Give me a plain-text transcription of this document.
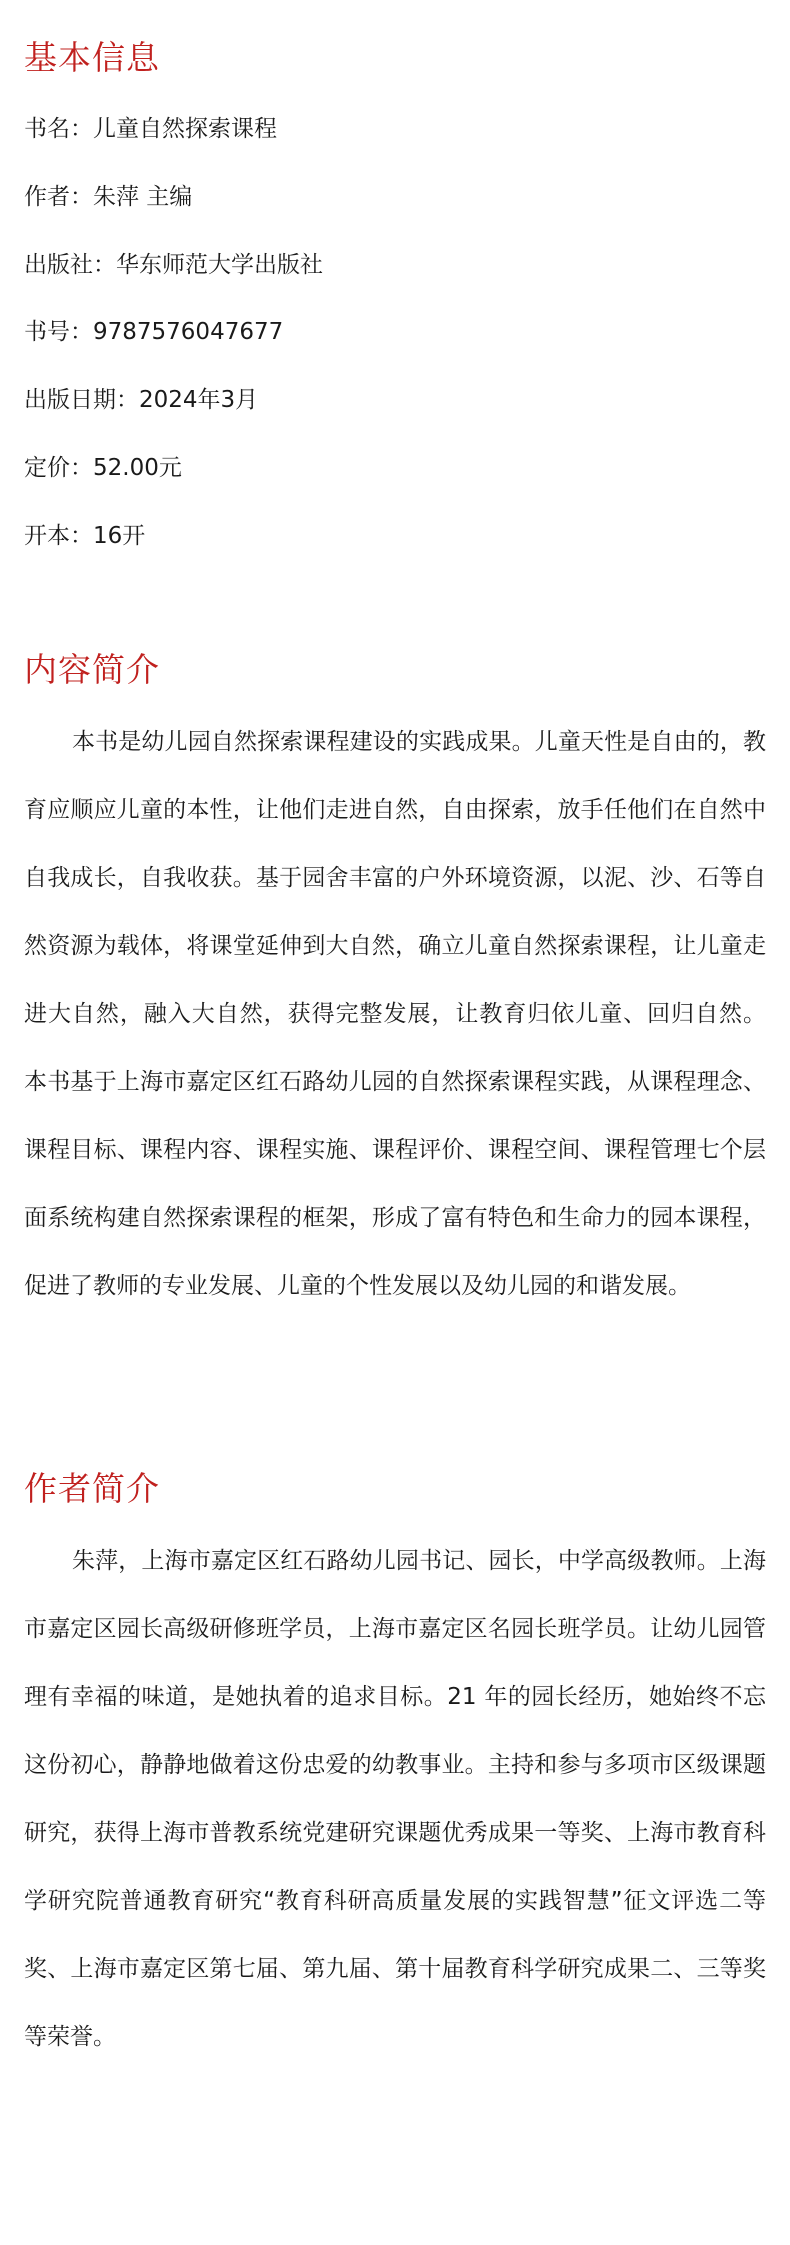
基本信息

书名：儿童自然探索课程

作者：朱萍 主编

出版社：华东师范大学出版社

书号：9787576047677

出版日期：2024年3月

定价：52.00元

开本：16开

内容简介

本书是幼儿园自然探索课程建设的实践成果。儿童天性是自由的，教育应顺应儿童的本性，让他们走进自然，自由探索，放手任他们在自然中自我成长，自我收获。基于园舍丰富的户外环境资源，以泥、沙、石等自然资源为载体，将课堂延伸到大自然，确立儿童自然探索课程，让儿童走进大自然，融入大自然，获得完整发展，让教育归依儿童、回归自然。 本书基于上海市嘉定区红石路幼儿园的自然探索课程实践，从课程理念、课程目标、课程内容、课程实施、课程评价、课程空间、课程管理七个层面系统构建自然探索课程的框架，形成了富有特色和生命力的园本课程，促进了教师的专业发展、儿童的个性发展以及幼儿园的和谐发展。

作者简介

朱萍，上海市嘉定区红石路幼儿园书记、园长，中学高级教师。上海市嘉定区园长高级研修班学员，上海市嘉定区名园长班学员。让幼儿园管理有幸福的味道，是她执着的追求目标。21 年的园长经历，她始终不忘这份初心，静静地做着这份忠爱的幼教事业。主持和参与多项市区级课题研究，获得上海市普教系统党建研究课题优秀成果一等奖、上海市教育科学研究院普通教育研究“教育科研高质量发展的实践智慧”征文评选二等奖、上海市嘉定区第七届、第九届、第十届教育科学研究成果二、三等奖等荣誉。
